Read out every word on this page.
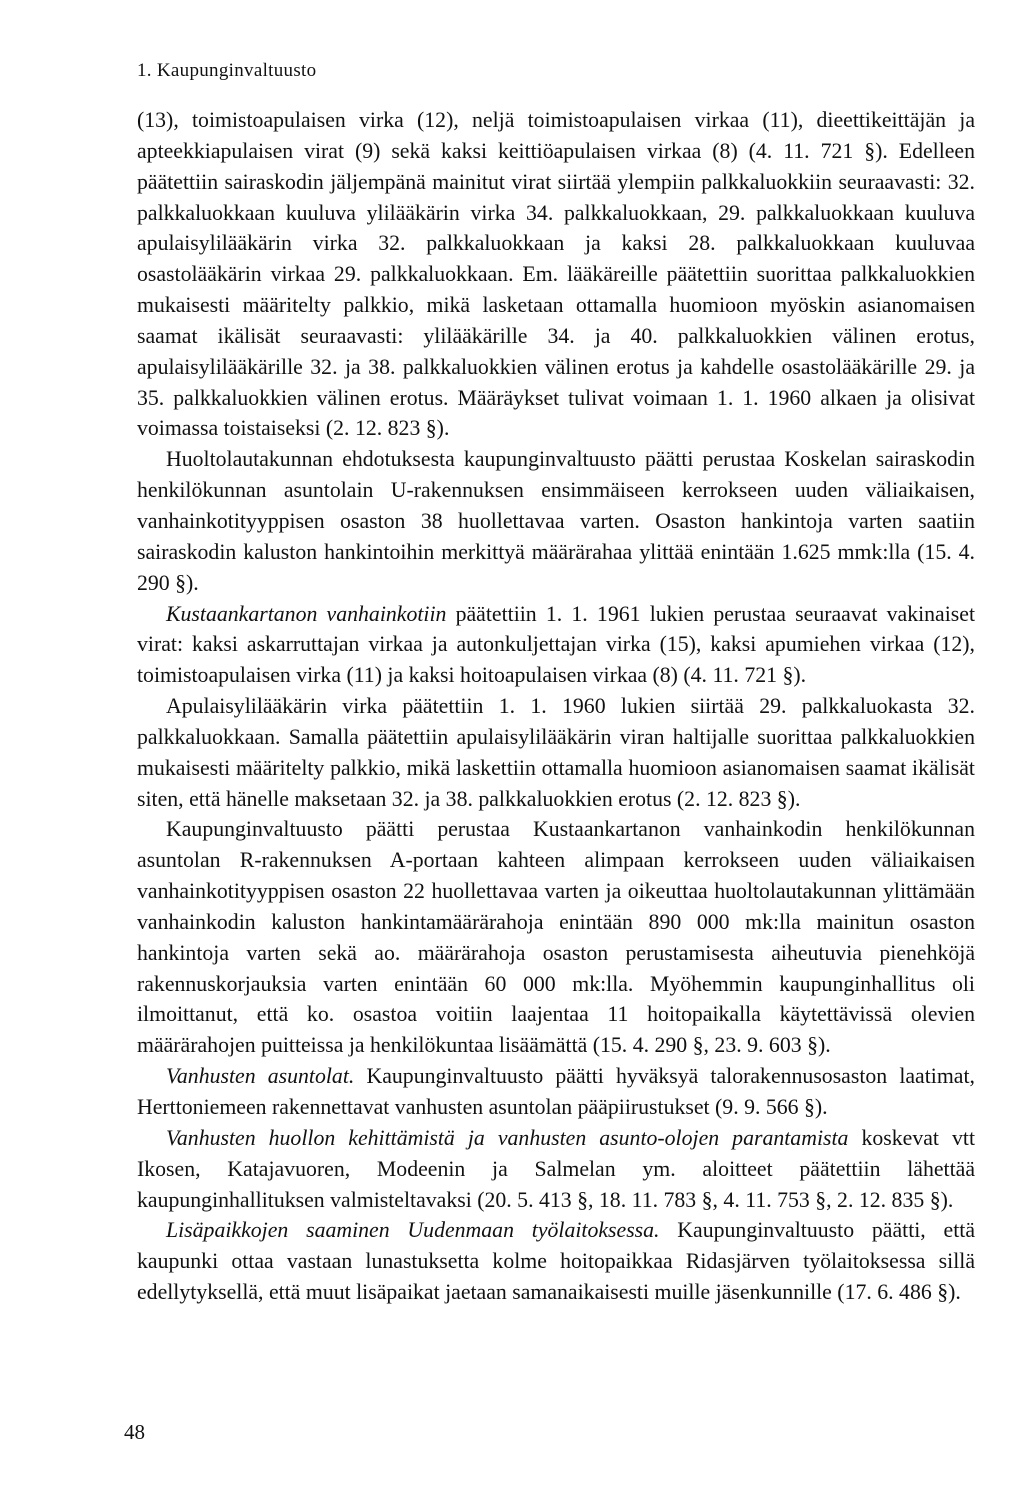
1. Kaupunginvaltuusto

(13), toimistoapulaisen virka (12), neljä toimistoapulaisen virkaa (11), dieettikeittäjän ja apteekkiapulaisen virat (9) sekä kaksi keittiöapulaisen virkaa (8) (4. 11. 721 §). Edelleen päätettiin sairaskodin jäljempänä mainitut virat siirtää ylempiin palkkaluokkiin seuraavasti: 32. palkkaluokkaan kuuluva ylilääkärin virka 34. palkkaluokkaan, 29. palkkaluokkaan kuuluva apulaisylilääkärin virka 32. palkkaluokkaan ja kaksi 28. palkkaluokkaan kuuluvaa osastolääkärin virkaa 29. palkkaluokkaan. Em. lääkäreille päätettiin suorittaa palkkaluokkien mukaisesti määritelty palkkio, mikä lasketaan ottamalla huomioon myöskin asianomaisen saamat ikälisät seuraavasti: ylilääkärille 34. ja 40. palkkaluokkien välinen erotus, apulaisylilääkärille 32. ja 38. palkkaluokkien välinen erotus ja kahdelle osastolääkärille 29. ja 35. palkkaluokkien välinen erotus. Määräykset tulivat voimaan 1. 1. 1960 alkaen ja olisivat voimassa toistaiseksi (2. 12. 823 §).

Huoltolautakunnan ehdotuksesta kaupunginvaltuusto päätti perustaa Koskelan sairaskodin henkilökunnan asuntolain U-rakennuksen ensimmäiseen kerrokseen uuden väliaikaisen, vanhainkotityyppisen osaston 38 huollettavaa varten. Osaston hankintoja varten saatiin sairaskodin kaluston hankintoihin merkittyä määrärahaa ylittää enintään 1.625 mmk:lla (15. 4. 290 §).

Kustaankartanon vanhainkotiin päätettiin 1. 1. 1961 lukien perustaa seuraavat vakinaiset virat: kaksi askarruttajan virkaa ja autonkuljettajan virka (15), kaksi apumiehen virkaa (12), toimistoapulaisen virka (11) ja kaksi hoitoapulaisen virkaa (8) (4. 11. 721 §).

Apulaisylilääkärin virka päätettiin 1. 1. 1960 lukien siirtää 29. palkkaluokasta 32. palkkaluokkaan. Samalla päätettiin apulaisylilääkärin viran haltijalle suorittaa palkkaluokkien mukaisesti määritelty palkkio, mikä laskettiin ottamalla huomioon asianomaisen saamat ikälisät siten, että hänelle maksetaan 32. ja 38. palkkaluokkien erotus (2. 12. 823 §).

Kaupunginvaltuusto päätti perustaa Kustaankartanon vanhainkodin henkilökunnan asuntolan R-rakennuksen A-portaan kahteen alimpaan kerrokseen uuden väliaikaisen vanhainkotityyppisen osaston 22 huollettavaa varten ja oikeuttaa huoltolautakunnan ylittämään vanhainkodin kaluston hankintamäärärahoja enintään 890 000 mk:lla mainitun osaston hankintoja varten sekä ao. määrärahoja osaston perustamisesta aiheutuvia pienehköjä rakennuskorjauksia varten enintään 60 000 mk:lla. Myöhemmin kaupunginhallitus oli ilmoittanut, että ko. osastoa voitiin laajentaa 11 hoitopaikalla käytettävissä olevien määrärahojen puitteissa ja henkilökuntaa lisäämättä (15. 4. 290 §, 23. 9. 603 §).

Vanhusten asuntolat. Kaupunginvaltuusto päätti hyväksyä talorakennusosaston laatimat, Herttoniemeen rakennettavat vanhusten asuntolan pääpiirustukset (9. 9. 566 §).

Vanhusten huollon kehittämistä ja vanhusten asunto-olojen parantamista koskevat vtt Ikosen, Katajavuoren, Modeenin ja Salmelan ym. aloitteet päätettiin lähettää kaupunginhallituksen valmisteltavaksi (20. 5. 413 §, 18. 11. 783 §, 4. 11. 753 §, 2. 12. 835 §).

Lisäpaikkojen saaminen Uudenmaan työlaitoksessa. Kaupunginvaltuusto päätti, että kaupunki ottaa vastaan lunastuksetta kolme hoitopaikkaa Ridasjärven työlaitoksessa sillä edellytyksellä, että muut lisäpaikat jaetaan samanaikaisesti muille jäsenkunnille (17. 6. 486 §).

48
